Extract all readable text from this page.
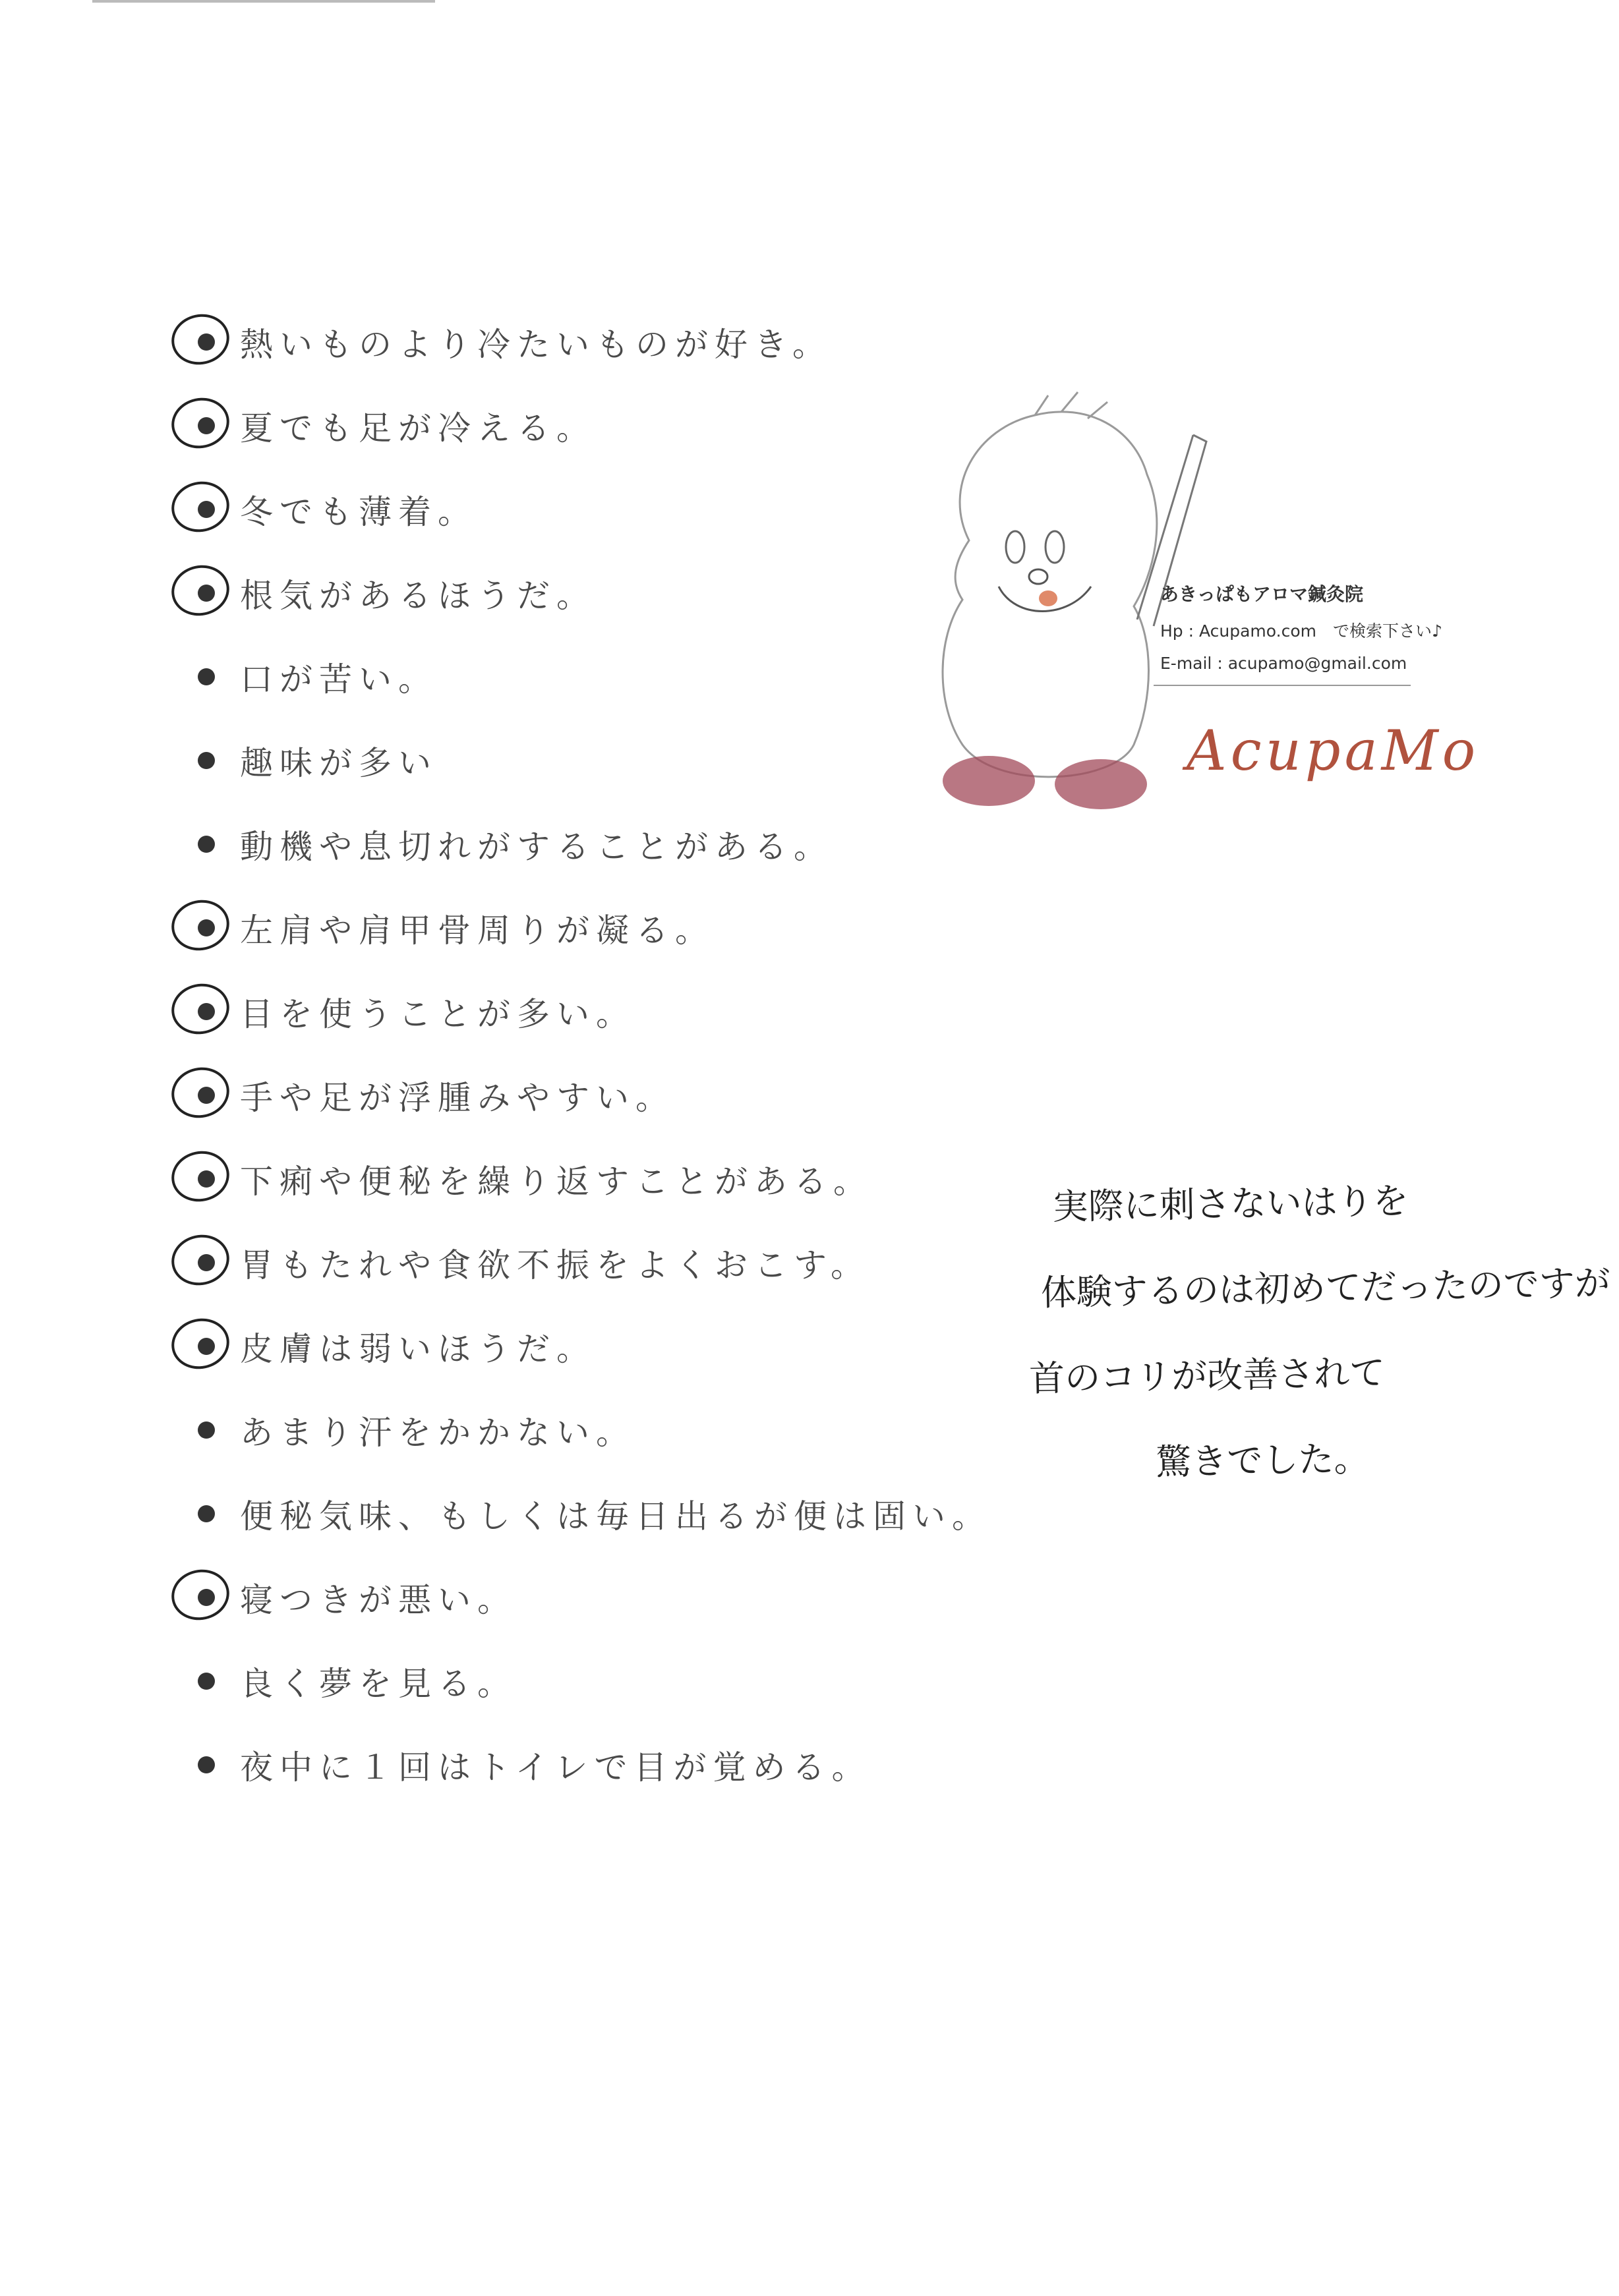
熱いものより冷たいものが好き。
夏でも足が冷える。
冬でも薄着。
根気があるほうだ。
口が苦い。
趣味が多い
動機や息切れがすることがある。
左肩や肩甲骨周りが凝る。
目を使うことが多い。
手や足が浮腫みやすい。
下痢や便秘を繰り返すことがある。
胃もたれや食欲不振をよくおこす。
皮膚は弱いほうだ。
あまり汗をかかない。
便秘気味、もしくは毎日出るが便は固い。
寝つきが悪い。
良く夢を見る。
夜中に１回はトイレで目が覚める。
あきっぱもアロマ鍼灸院
Hp : Acupamo.com　で検索下さい♪
E-mail : acupamo@gmail.com
AcupaMo
実際に刺さないはりを
体験するのは初めてだったのですが
首のコリが改善されて
驚きでした。
